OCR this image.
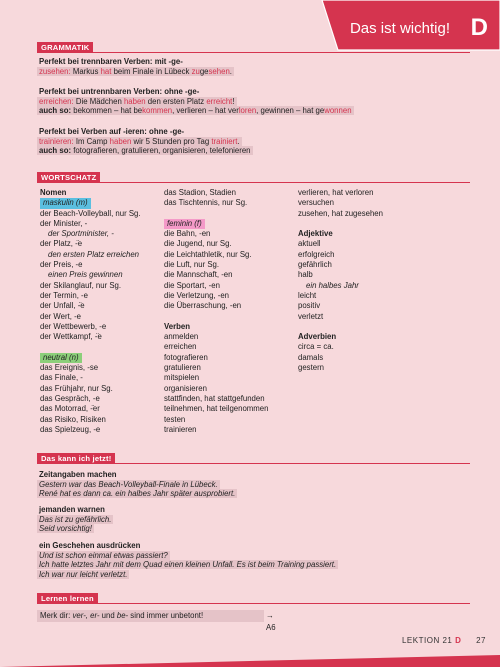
Das ist wichtig! D
GRAMMATIK
Perfekt bei trennbaren Verben: mit -ge-
zusehen: Markus hat beim Finale in Lübeck zugesehen.
Perfekt bei untrennbaren Verben: ohne -ge-
erreichen: Die Mädchen haben den ersten Platz erreicht!
auch so: bekommen – hat bekommen, verlieren – hat verloren, gewinnen – hat gewonnen
Perfekt bei Verben auf -ieren: ohne -ge-
trainieren: Im Camp haben wir 5 Stunden pro Tag trainiert.
auch so: fotografieren, gratulieren, organisieren, telefonieren
WORTSCHATZ
Nomen
maskulin (m)
der Beach-Volleyball, nur Sg.
der Minister, -
der Sportminister, -
der Platz, -̈e
den ersten Platz erreichen
der Preis, -e
einen Preis gewinnen
der Skilanglauf, nur Sg.
der Termin, -e
der Unfall, -̈e
der Wert, -e
der Wettbewerb, -e
der Wettkampf, -̈e
neutral (n)
das Ereignis, -se
das Finale, -
das Frühjahr, nur Sg.
das Gespräch, -e
das Motorrad, -̈er
das Risiko, Risiken
das Spielzeug, -e
das Stadion, Stadien
das Tischtennis, nur Sg.
feminin (f)
die Bahn, -en
die Jugend, nur Sg.
die Leichtathletik, nur Sg.
die Luft, nur Sg.
die Mannschaft, -en
die Sportart, -en
die Verletzung, -en
die Überraschung, -en
Verben
anmelden
erreichen
fotografieren
gratulieren
mitspielen
organisieren
stattfinden, hat stattgefunden
teilnehmen, hat teilgenommen
testen
trainieren
verlieren, hat verloren
versuchen
zusehen, hat zugesehen
Adjektive
aktuell
erfolgreich
gefährlich
halb
ein halbes Jahr
leicht
positiv
verletzt
Adverbien
circa = ca.
damals
gestern
Das kann ich jetzt!
Zeitangaben machen
Gestern war das Beach-Volleyball-Finale in Lübeck.
René hat es dann ca. ein halbes Jahr später ausprobiert.
jemanden warnen
Das ist zu gefährlich.
Seid vorsichtig!
ein Geschehen ausdrücken
Und ist schon einmal etwas passiert?
Ich hatte letztes Jahr mit dem Quad einen kleinen Unfall. Es ist beim Training passiert.
Ich war nur leicht verletzt.
Lernen lernen
Merk dir: ver-, er- und be- sind immer unbetont!	→ A6
LEKTION 21 D 27
